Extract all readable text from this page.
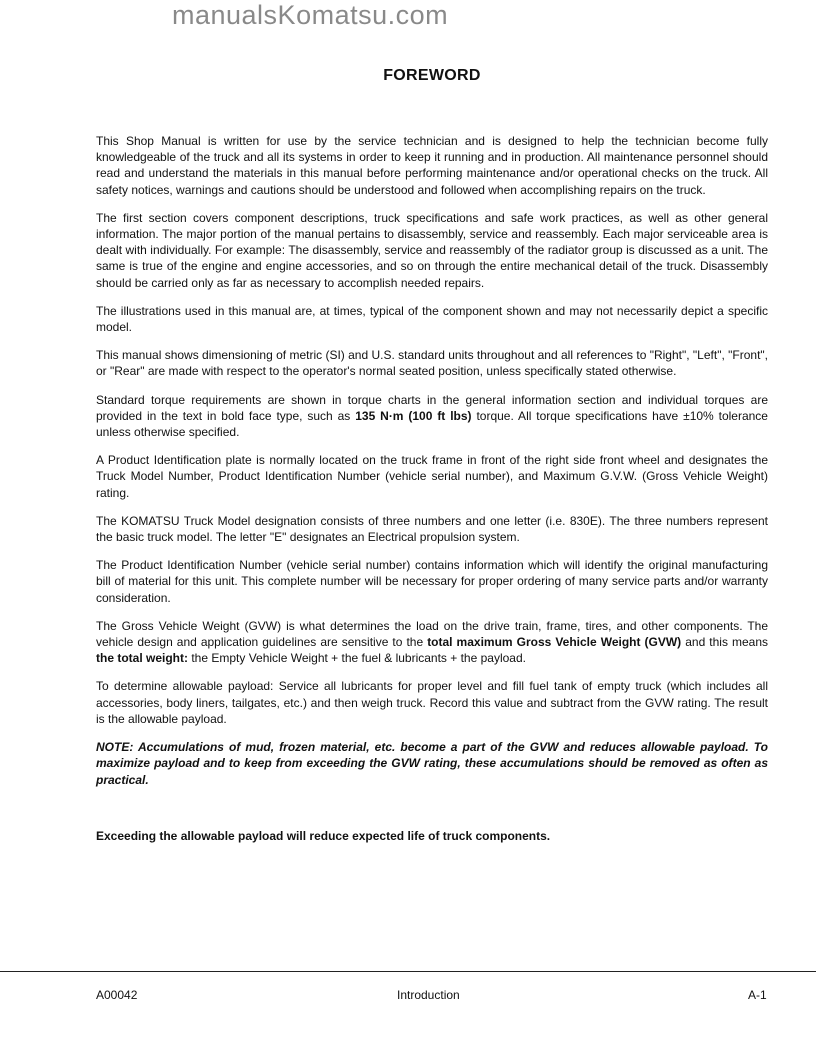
manualsKomatsu.com
FOREWORD

This Shop Manual is written for use by the service technician and is designed to help the technician become fully knowledgeable of the truck and all its systems in order to keep it running and in production. All maintenance personnel should read and understand the materials in this manual before performing maintenance and/or operational checks on the truck. All safety notices, warnings and cautions should be understood and followed when accomplishing repairs on the truck.

The first section covers component descriptions, truck specifications and safe work practices, as well as other general information. The major portion of the manual pertains to disassembly, service and reassembly. Each major serviceable area is dealt with individually. For example: The disassembly, service and reassembly of the radiator group is discussed as a unit. The same is true of the engine and engine accessories, and so on through the entire mechanical detail of the truck. Disassembly should be carried only as far as necessary to accomplish needed repairs.

The illustrations used in this manual are, at times, typical of the component shown and may not necessarily depict a specific model.

This manual shows dimensioning of metric (SI) and U.S. standard units throughout and all references to "Right", "Left", "Front", or "Rear" are made with respect to the operator's normal seated position, unless specifically stated otherwise.

Standard torque requirements are shown in torque charts in the general information section and individual torques are provided in the text in bold face type, such as 135 N·m (100 ft lbs) torque. All torque specifications have ±10% tolerance unless otherwise specified.

A Product Identification plate is normally located on the truck frame in front of the right side front wheel and designates the Truck Model Number, Product Identification Number (vehicle serial number), and Maximum G.V.W. (Gross Vehicle Weight) rating.

The KOMATSU Truck Model designation consists of three numbers and one letter (i.e. 830E). The three numbers represent the basic truck model. The letter "E" designates an Electrical propulsion system.

The Product Identification Number (vehicle serial number) contains information which will identify the original manufacturing bill of material for this unit. This complete number will be necessary for proper ordering of many service parts and/or warranty consideration.

The Gross Vehicle Weight (GVW) is what determines the load on the drive train, frame, tires, and other components. The vehicle design and application guidelines are sensitive to the total maximum Gross Vehicle Weight (GVW) and this means the total weight: the Empty Vehicle Weight + the fuel & lubricants + the payload.

To determine allowable payload: Service all lubricants for proper level and fill fuel tank of empty truck (which includes all accessories, body liners, tailgates, etc.) and then weigh truck. Record this value and subtract from the GVW rating. The result is the allowable payload.

NOTE: Accumulations of mud, frozen material, etc. become a part of the GVW and reduces allowable payload. To maximize payload and to keep from exceeding the GVW rating, these accumulations should be removed as often as practical.

Exceeding the allowable payload will reduce expected life of truck components.

A00042	Introduction	A-1
